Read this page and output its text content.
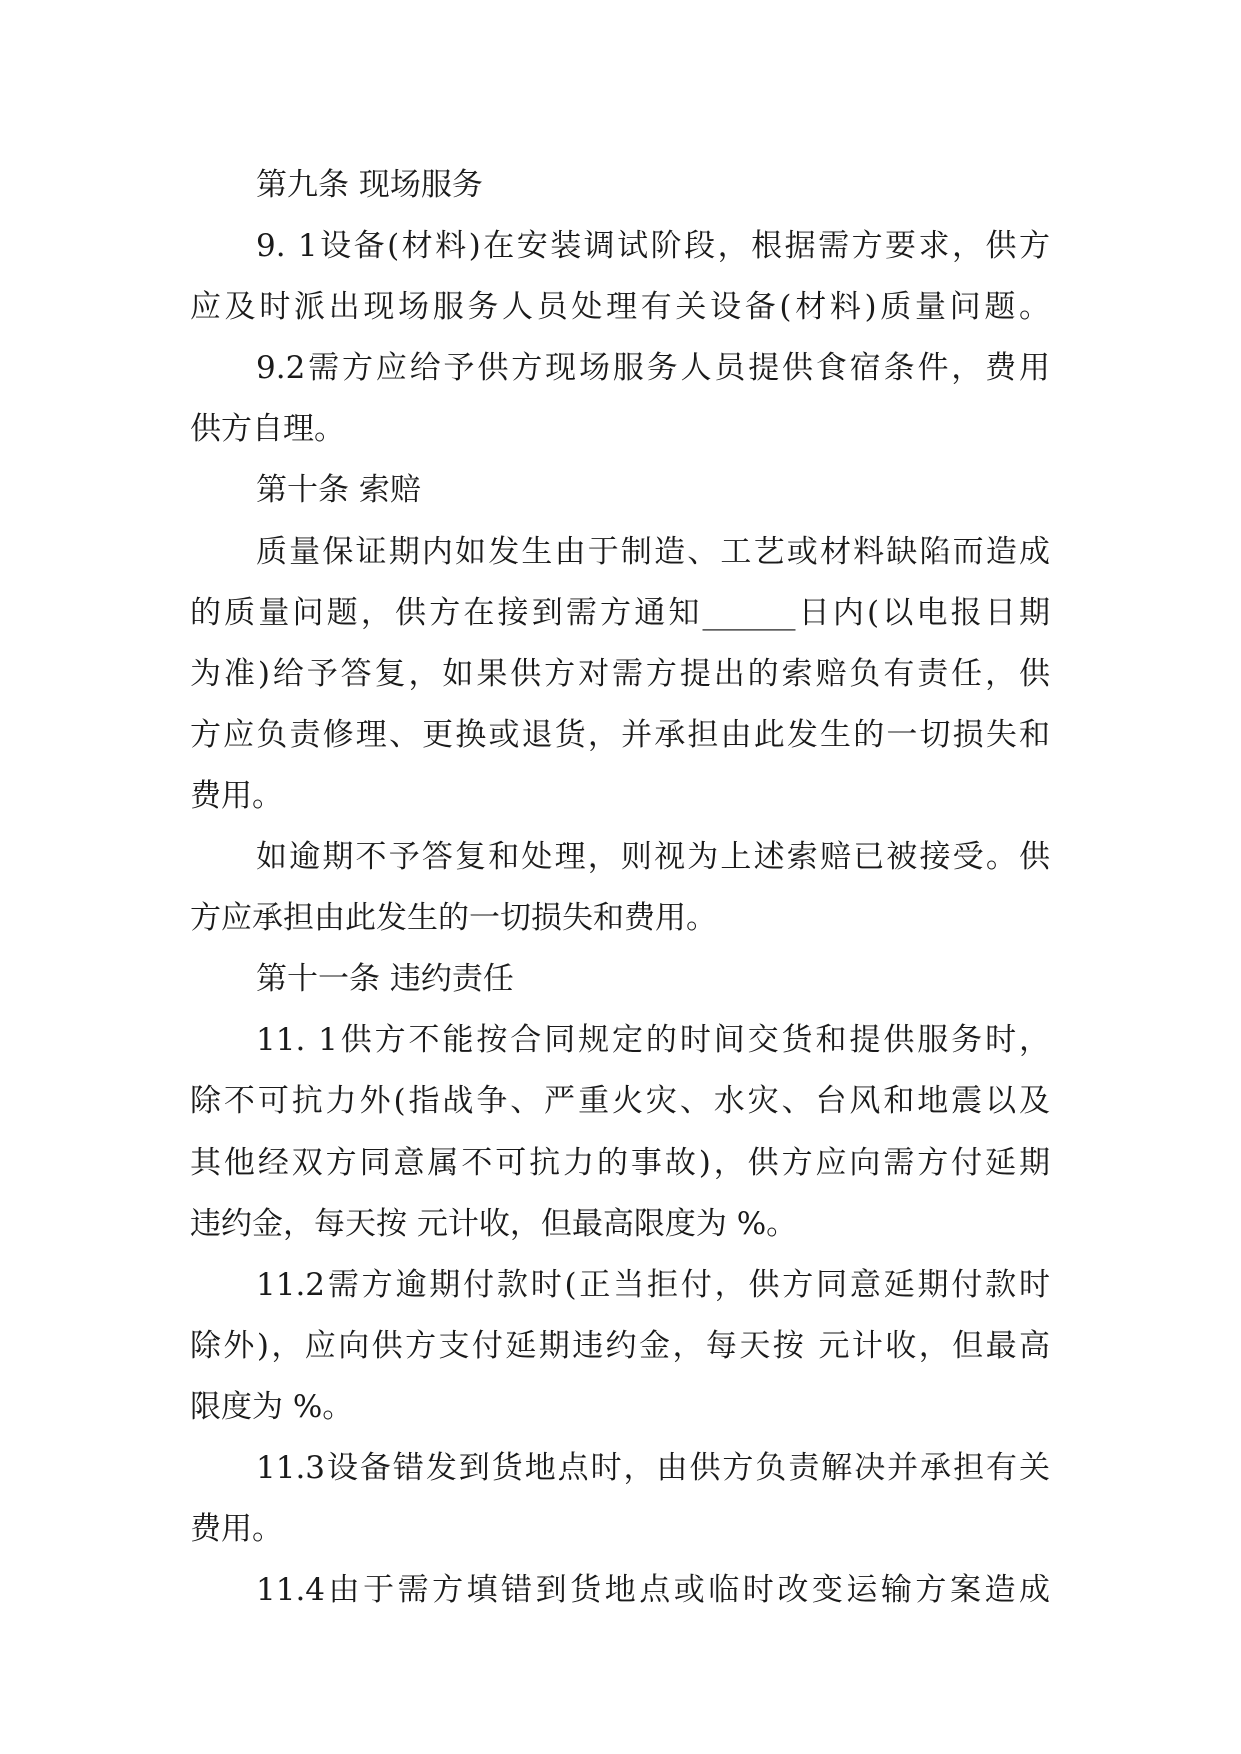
第九条 现场服务
9. 1设备(材料)在安装调试阶段，根据需方要求，供方
应及时派出现场服务人员处理有关设备(材料)质量问题。
9.2需方应给予供方现场服务人员提供食宿条件，费用
供方自理。
第十条 索赔
质量保证期内如发生由于制造、工艺或材料缺陷而造成
的质量问题，供方在接到需方通知______日内(以电报日期
为准)给予答复，如果供方对需方提出的索赔负有责任，供
方应负责修理、更换或退货，并承担由此发生的一切损失和
费用。
如逾期不予答复和处理，则视为上述索赔已被接受。供
方应承担由此发生的一切损失和费用。
第十一条 违约责任
11. 1供方不能按合同规定的时间交货和提供服务时，
除不可抗力外(指战争、严重火灾、水灾、台风和地震以及
其他经双方同意属不可抗力的事故)，供方应向需方付延期
违约金，每天按 元计收，但最高限度为 %。
11.2需方逾期付款时(正当拒付，供方同意延期付款时
除外)，应向供方支付延期违约金，每天按 元计收，但最高
限度为 %。
11.3设备错发到货地点时，由供方负责解决并承担有关
费用。
11.4由于需方填错到货地点或临时改变运输方案造成
